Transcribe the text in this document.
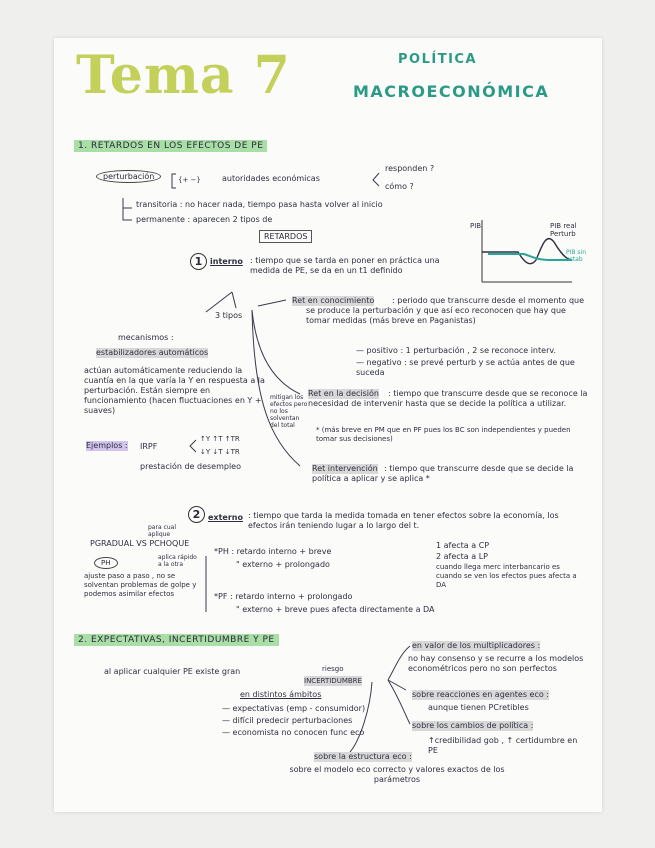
Tema 7	POLÍTICA
MACROECONÓMICA
PIB	PIB real Perturb
PIB sin estab
1. RETARDOS EN LOS EFECTOS DE PE
perturbación	{+ −}	autoridades económicas
responden ?
cómo ?
transitoria : no hacer nada, tiempo pasa hasta volver al inicio
permanente : aparecen 2 tipos de
RETARDOS
1 interno : tiempo que se tarda en poner en práctica una medida de PE, se da en un t1 definido
3 tipos
mecanismos :
estabilizadores automáticos
actúan automáticamente reduciendo la cuantía en la que varía la Y en respuesta a la perturbación. Están siempre en funcionamiento (hacen fluctuaciones en Y + suaves)
mitigan los efectos pero no los solventan del total
Ejemplos : IRPF
↑Y ↑T ↑TR
↓Y ↓T ↓TR
prestación de desempleo
Ret en conocimiento	: periodo que transcurre desde el momento que se produce la perturbación y que así eco reconocen que hay que tomar medidas (más breve en Paganistas)
— positivo : 1 perturbación , 2 se reconoce interv.
— negativo : se prevé perturb y se actúa antes de que suceda
Ret en la decisión	: tiempo que transcurre desde que se reconoce la necesidad de intervenir hasta que se decide la política a utilizar.
* (más breve en PM que en PF pues los BC son independientes y pueden tomar sus decisiones)
Ret intervención : tiempo que transcurre desde que se decide la política a aplicar y se aplica *
2 externo : tiempo que tarda la medida tomada en tener efectos sobre la economía, los efectos irán teniendo lugar a lo largo del t.
para cual aplique
PGRADUAL VS PCHOQUE
PH
aplica rápido a la otra
ajuste paso a paso , no se solventan problemas de golpe y podemos asimilar efectos
*PH : retardo interno + breve
" externo + prolongado
1 afecta a CP
2 afecta a LP
cuando llega merc interbancario es cuando se ven los efectos pues afecta a DA
*PF : retardo interno + prolongado
" externo + breve pues afecta directamente a DA
2. EXPECTATIVAS, INCERTIDUMBRE Y PE
al aplicar cualquier PE existe gran	riesgo
INCERTIDUMBRE
en distintos ámbitos
— expectativas (emp - consumidor)
— difícil predecir perturbaciones
— economista no conocen func eco
en valor de los multiplicadores :
no hay consenso y se recurre a los modelos econométricos pero no son perfectos
sobre reacciones en agentes eco :
aunque tienen PCretibles
sobre los cambios de política :
↑credibilidad gob , ↑ certidumbre en PE
sobre la estructura eco :
sobre el modelo eco correcto y valores exactos de los parámetros
